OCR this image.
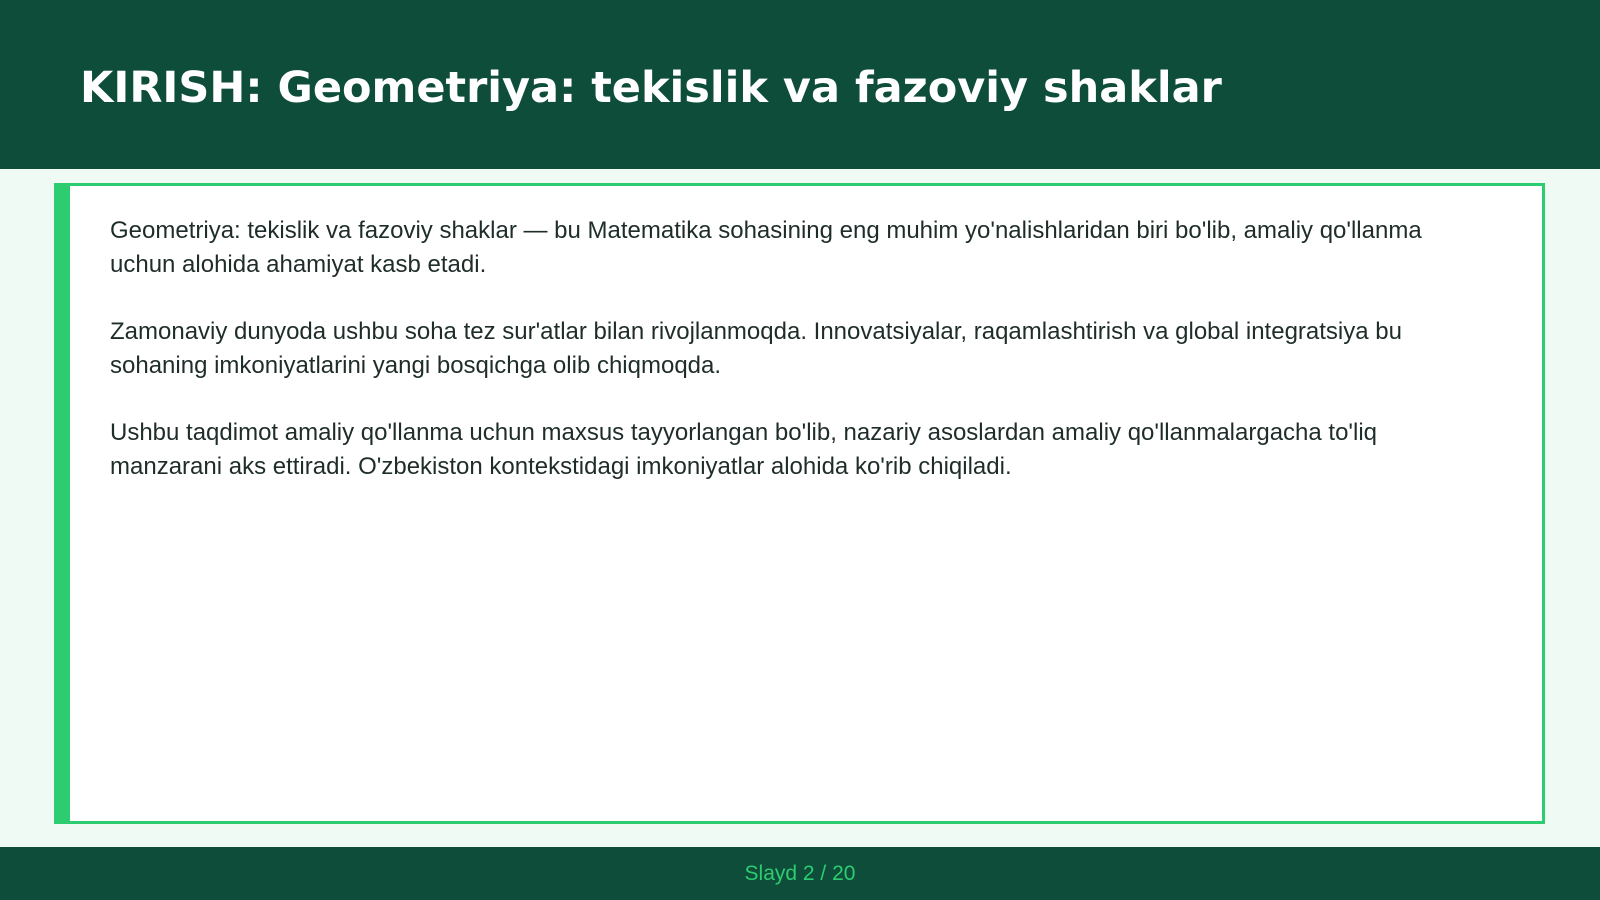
KIRISH: Geometriya: tekislik va fazoviy shaklar

Geometriya: tekislik va fazoviy shaklar — bu Matematika sohasining eng muhim yo'nalishlaridan biri bo'lib, amaliy qo'llanma uchun alohida ahamiyat kasb etadi.

Zamonaviy dunyoda ushbu soha tez sur'atlar bilan rivojlanmoqda. Innovatsiyalar, raqamlashtirish va global integratsiya bu sohaning imkoniyatlarini yangi bosqichga olib chiqmoqda.

Ushbu taqdimot amaliy qo'llanma uchun maxsus tayyorlangan bo'lib, nazariy asoslardan amaliy qo'llanmalargacha to'liq manzarani aks ettiradi. O'zbekiston kontekstidagi imkoniyatlar alohida ko'rib chiqiladi.

Slayd 2 / 20
